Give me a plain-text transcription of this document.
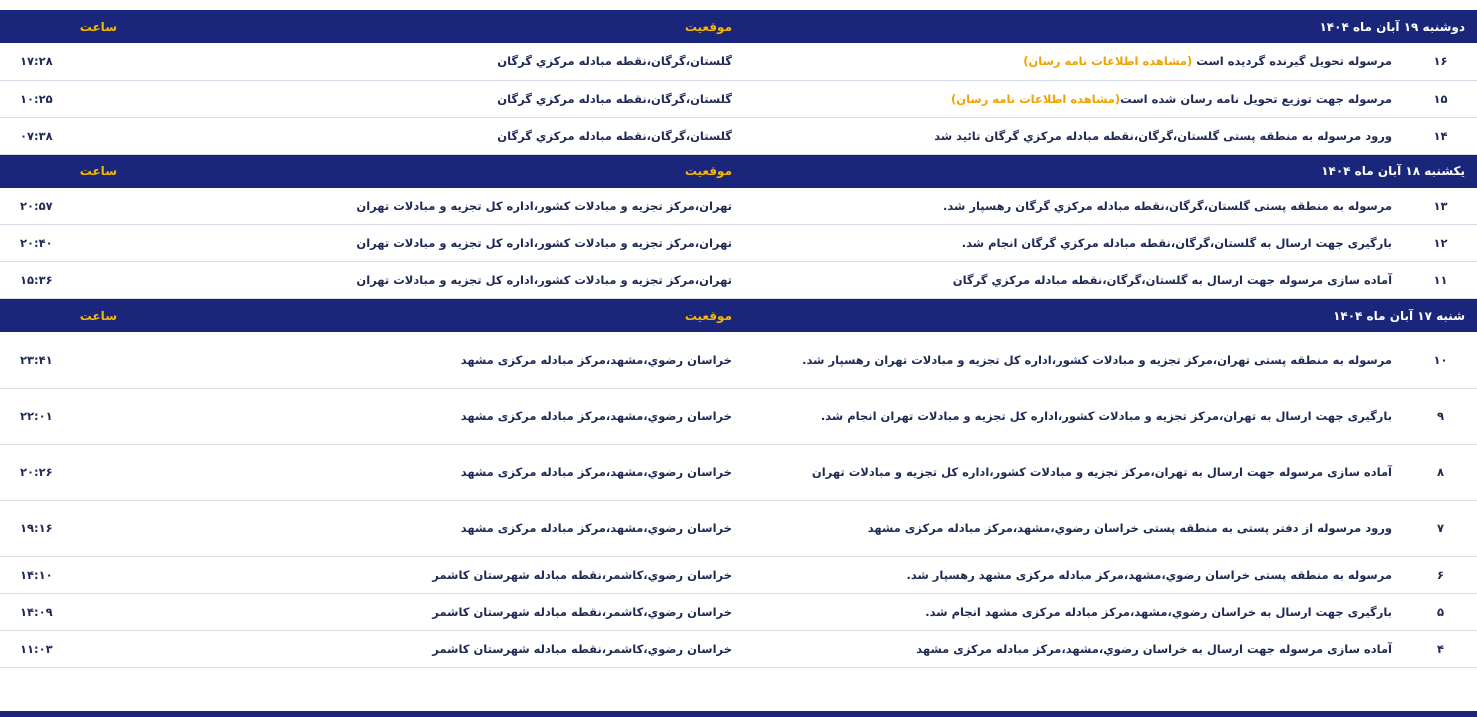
دوشنبه ۱۹ آبان ماه ۱۴۰۴		موقعیت	ساعت
۱۶	مرسوله تحویل گیرنده گردیده است (مشاهده اطلاعات نامه رسان)	گلستان،گرگان،نقطه مبادله مرکزي گرگان	۱۷:۲۸
۱۵	مرسوله جهت توزیع تحویل نامه رسان شده است(مشاهده اطلاعات نامه رسان)	گلستان،گرگان،نقطه مبادله مرکزي گرگان	۱۰:۲۵
۱۴	ورود مرسوله به منطقه پستی گلستان،گرگان،نقطه مبادله مرکزي گرگان تائید شد	گلستان،گرگان،نقطه مبادله مرکزي گرگان	۰۷:۳۸
یکشنبه ۱۸ آبان ماه ۱۴۰۴		موقعیت	ساعت
۱۳	مرسوله به منطقه پستی گلستان،گرگان،نقطه مبادله مرکزي گرگان رهسپار شد.	تهران،مرکز تجزیه و مبادلات کشور،اداره کل تجزیه و مبادلات تهران	۲۰:۵۷
۱۲	بارگیری جهت ارسال به گلستان،گرگان،نقطه مبادله مرکزي گرگان انجام شد.	تهران،مرکز تجزیه و مبادلات کشور،اداره کل تجزیه و مبادلات تهران	۲۰:۴۰
۱۱	آماده سازی مرسوله جهت ارسال به گلستان،گرگان،نقطه مبادله مرکزي گرگان	تهران،مرکز تجزیه و مبادلات کشور،اداره کل تجزیه و مبادلات تهران	۱۵:۳۶
شنبه ۱۷ آبان ماه ۱۴۰۴		موقعیت	ساعت
۱۰	مرسوله به منطقه پستی تهران،مرکز تجزیه و مبادلات کشور،اداره کل تجزیه و مبادلات تهران رهسپار شد.	خراسان رضوي،مشهد،مرکز مبادله مرکزی مشهد	۲۳:۴۱
۹	بارگیری جهت ارسال به تهران،مرکز تجزیه و مبادلات کشور،اداره کل تجزیه و مبادلات تهران انجام شد.	خراسان رضوي،مشهد،مرکز مبادله مرکزی مشهد	۲۲:۰۱
۸	آماده سازی مرسوله جهت ارسال به تهران،مرکز تجزیه و مبادلات کشور،اداره کل تجزیه و مبادلات تهران	خراسان رضوي،مشهد،مرکز مبادله مرکزی مشهد	۲۰:۲۶
۷	ورود مرسوله از دفتر پستی به منطقه پستی خراسان رضوي،مشهد،مرکز مبادله مرکزی مشهد	خراسان رضوي،مشهد،مرکز مبادله مرکزی مشهد	۱۹:۱۶
۶	مرسوله به منطقه پستی خراسان رضوي،مشهد،مرکز مبادله مرکزی مشهد رهسپار شد.	خراسان رضوي،کاشمر،نقطه مبادله شهرستان کاشمر	۱۴:۱۰
۵	بارگیری جهت ارسال به خراسان رضوي،مشهد،مرکز مبادله مرکزی مشهد انجام شد.	خراسان رضوي،کاشمر،نقطه مبادله شهرستان کاشمر	۱۴:۰۹
۴	آماده سازی مرسوله جهت ارسال به خراسان رضوي،مشهد،مرکز مبادله مرکزی مشهد	خراسان رضوي،کاشمر،نقطه مبادله شهرستان کاشمر	۱۱:۰۳
